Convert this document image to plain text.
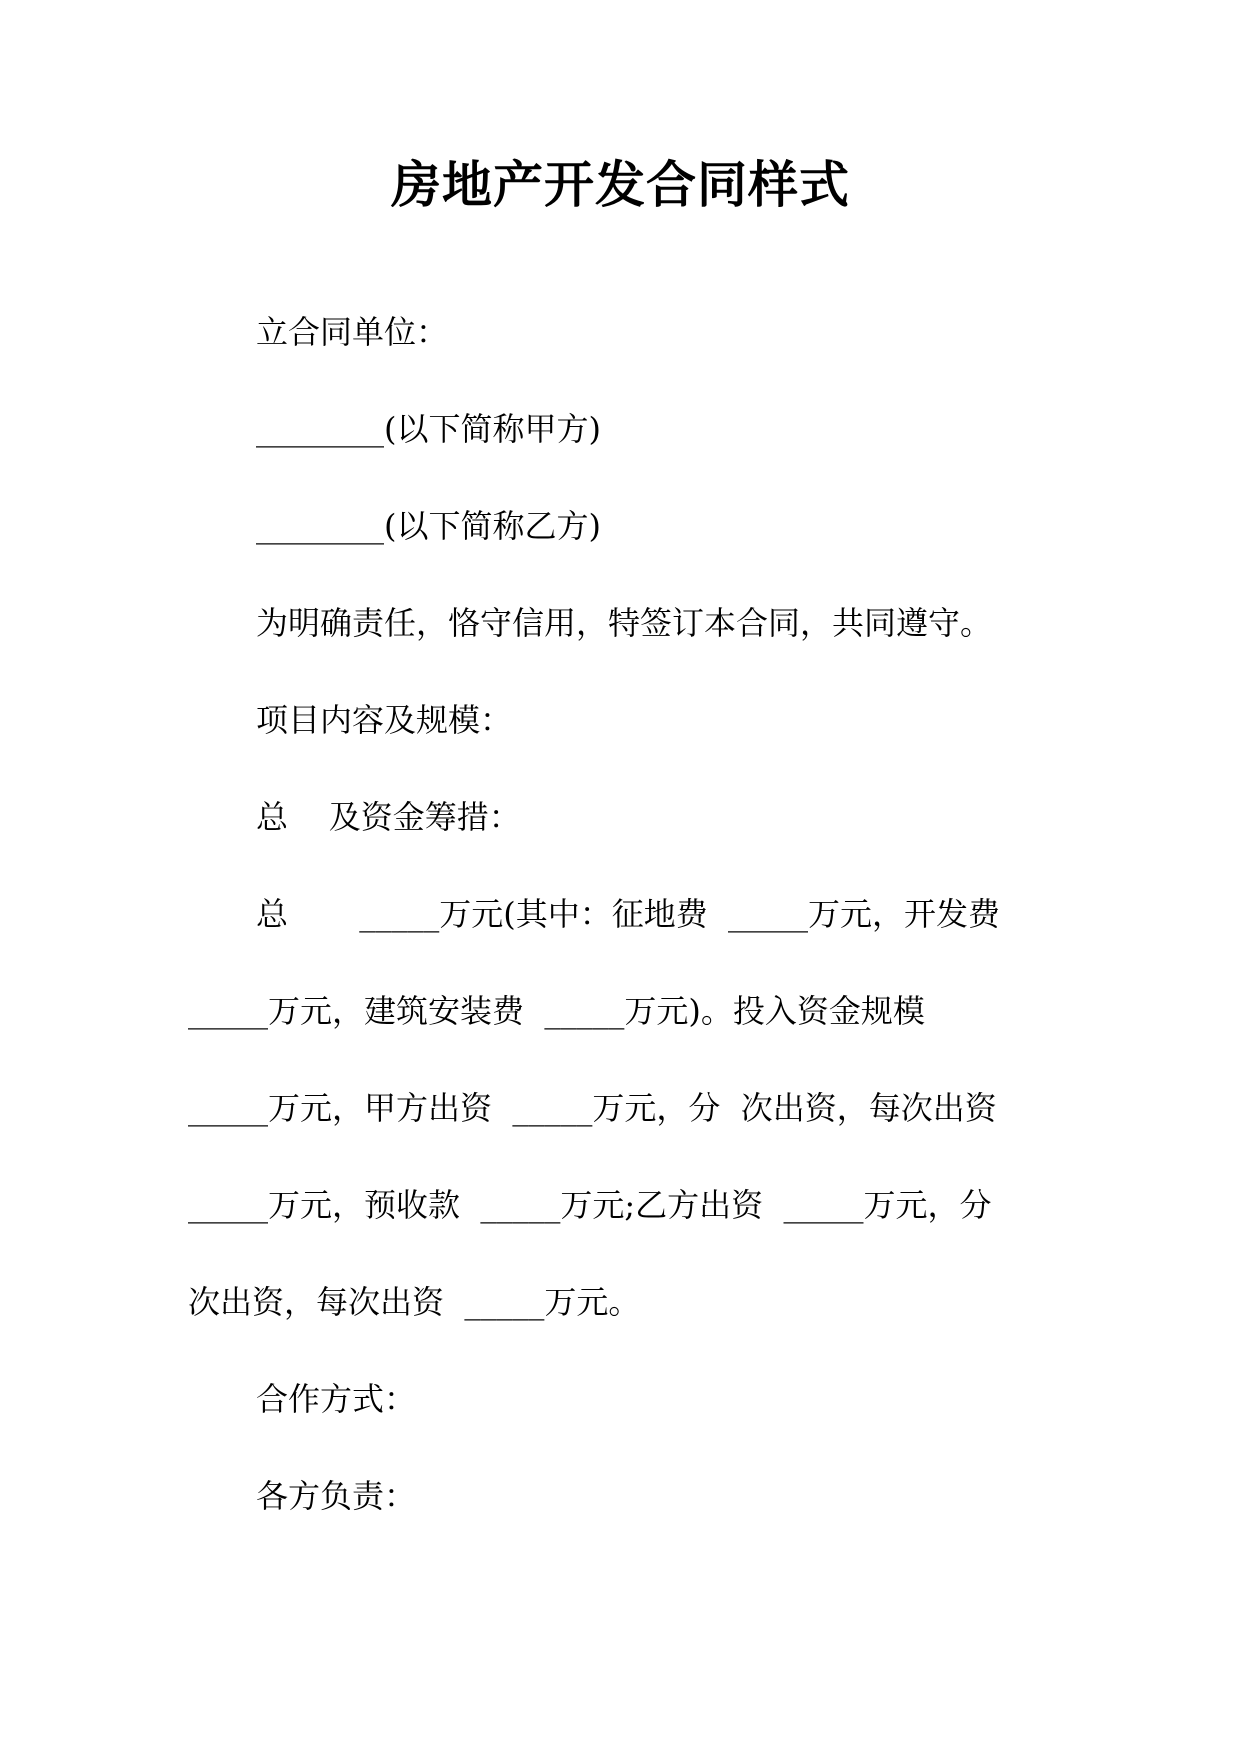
房地产开发合同样式

立合同单位：

________(以下简称甲方)

________(以下简称乙方)

为明确责任，恪守信用，特签订本合同，共同遵守。

项目内容及规模：

总    及资金筹措：

总       _____万元(其中：征地费  _____万元，开发费

_____万元，建筑安装费  _____万元)。投入资金规模

_____万元，甲方出资  _____万元，分  次出资，每次出资

_____万元，预收款  _____万元;乙方出资  _____万元，分

次出资，每次出资  _____万元。

合作方式：

各方负责：
